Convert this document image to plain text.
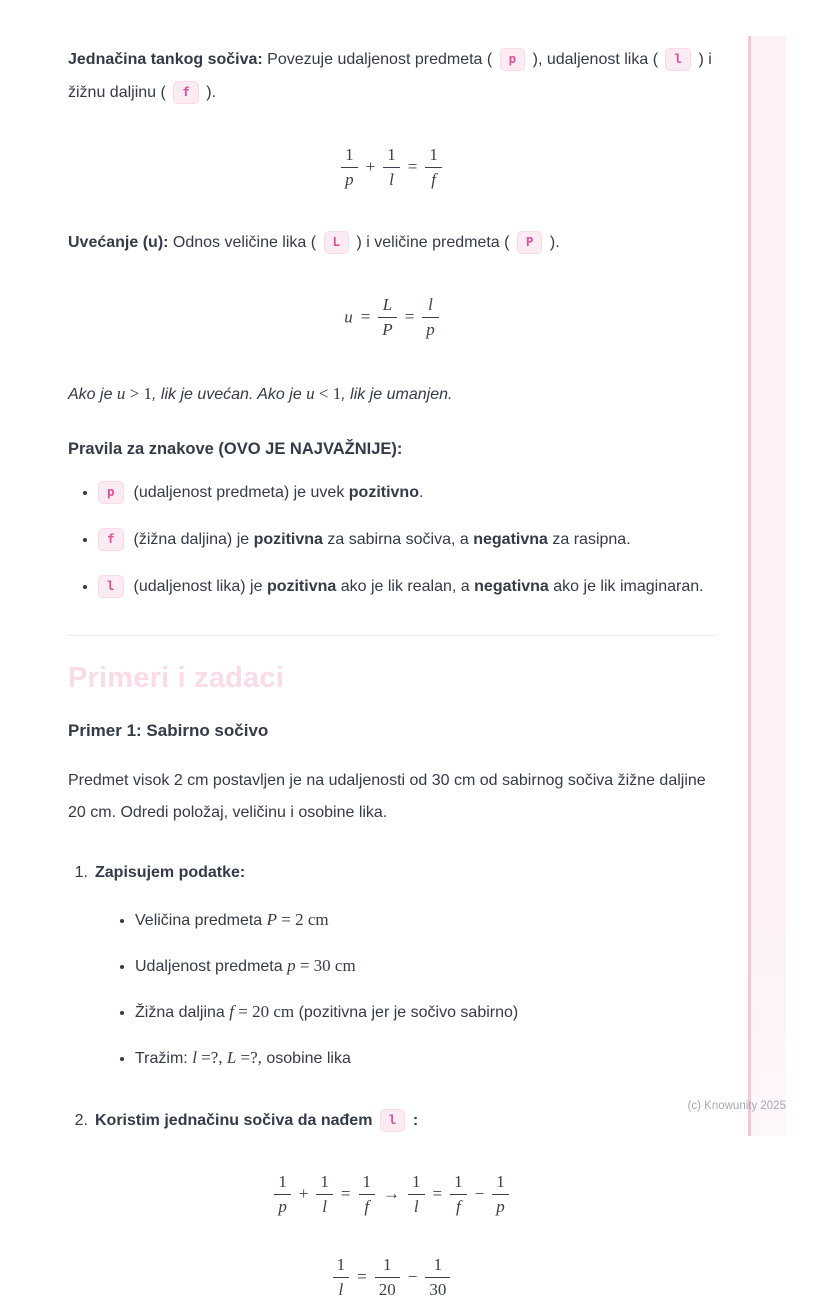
Jednačina tankog sočiva: Povezuje udaljenost predmeta ( p ), udaljenost lika ( l ) i žižnu daljinu ( f ).
$\frac{1}{p} + \frac{1}{l} = \frac{1}{f}$
Uvećanje (u): Odnos veličine lika ( L ) i veličine predmeta ( P ).
$u = \frac{L}{P} = \frac{l}{p}$
Ako je u > 1, lik je uvećan. Ako je u < 1, lik je umanjen.
Pravila za znakove (OVO JE NAJVAŽNIJE):
• p (udaljenost predmeta) je uvek pozitivno.
• f (žižna daljina) je pozitivna za sabirna sočiva, a negativna za rasipna.
• l (udaljenost lika) je pozitivna ako je lik realan, a negativna ako je lik imaginaran.
Primeri i zadaci
Primer 1: Sabirno sočivo
Predmet visok 2 cm postavljen je na udaljenosti od 30 cm od sabirnog sočiva žižne daljine 20 cm. Odredi položaj, veličinu i osobine lika.
1. Zapisujem podatke:
• Veličina predmeta P = 2 cm
• Udaljenost predmeta p = 30 cm
• Žižna daljina f = 20 cm (pozitivna jer je sočivo sabirno)
• Tražim: l =?, L =?, osobine lika
2. Koristim jednačinu sočiva da nađem l :
$\frac{1}{p} + \frac{1}{l} = \frac{1}{f} \to \frac{1}{l} = \frac{1}{f} - \frac{1}{p}$
$\frac{1}{l} = \frac{1}{20} - \frac{1}{30}$
(c) Knowunity 2025
